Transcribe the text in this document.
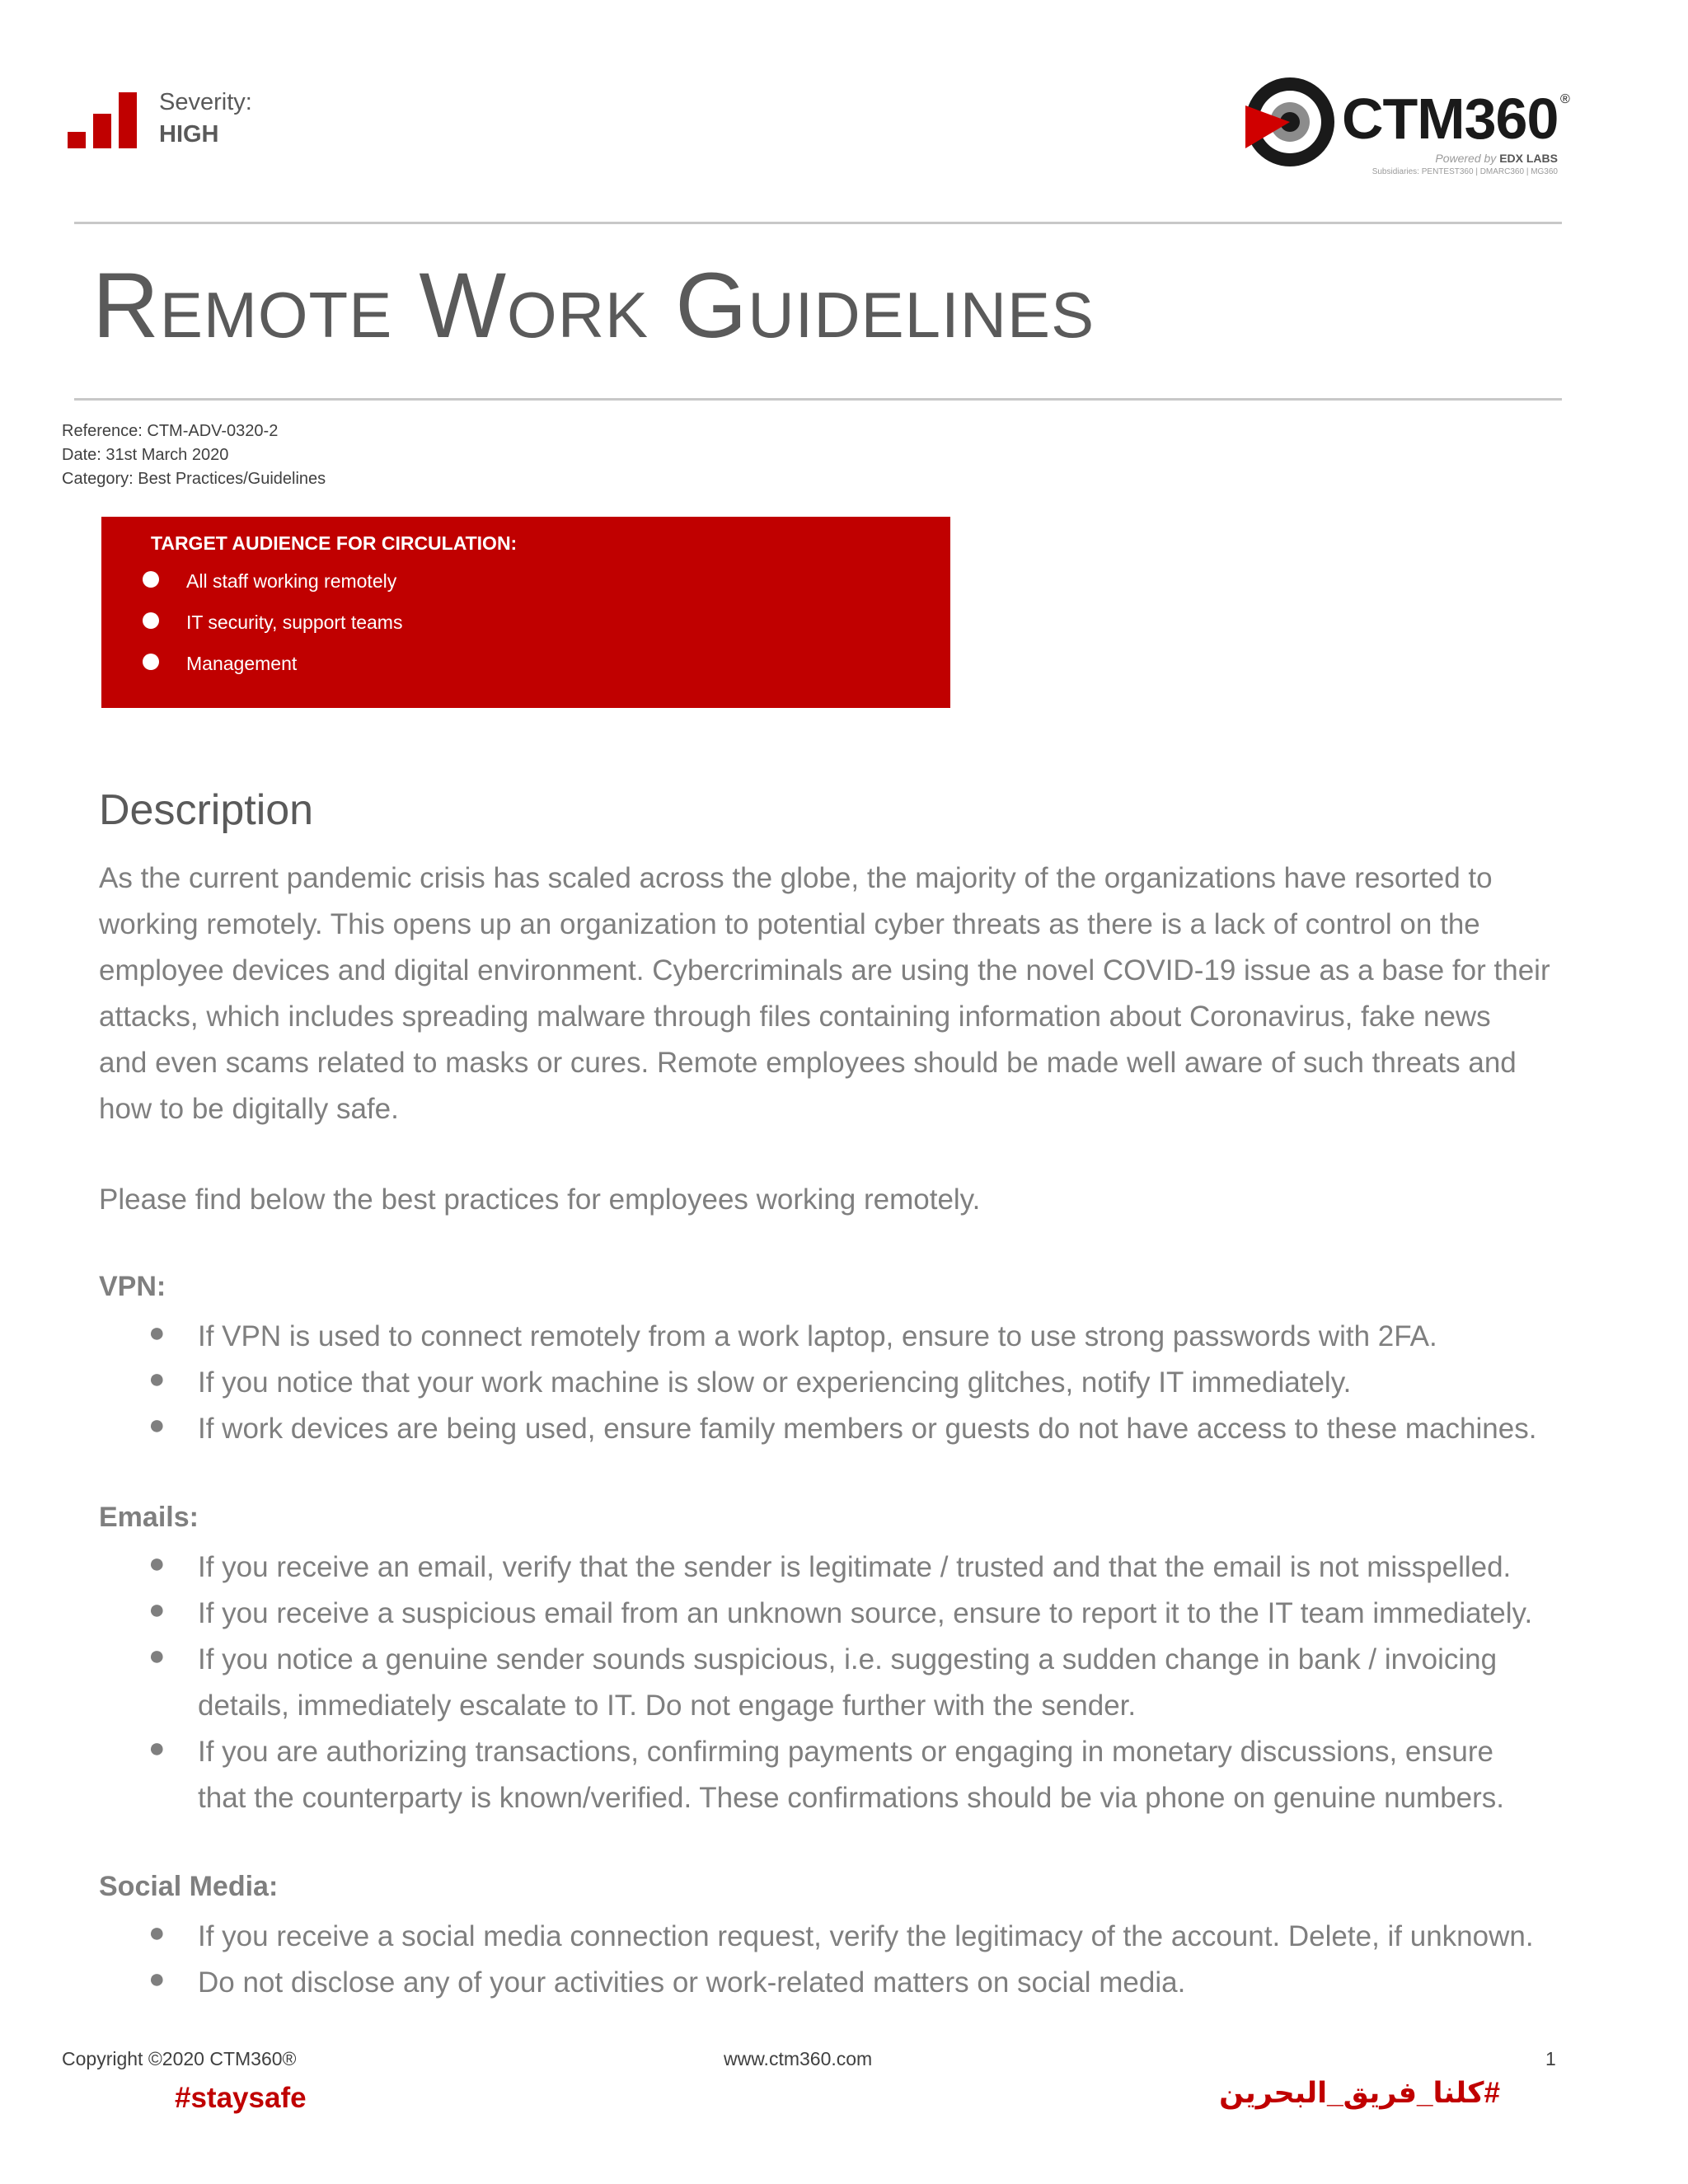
Severity:
HIGH	CTM360 ®
Powered by EDX LABS
Subsidiaries: PENTEST360 | DMARC360 | MG360
Remote Work Guidelines
Reference: CTM-ADV-0320-2
Date: 31st March 2020
Category: Best Practices/Guidelines
TARGET AUDIENCE FOR CIRCULATION:
All staff working remotely
IT security, support teams
Management
Description
As the current pandemic crisis has scaled across the globe, the majority of the organizations have resorted to
working remotely. This opens up an organization to potential cyber threats as there is a lack of control on the
employee devices and digital environment. Cybercriminals are using the novel COVID-19 issue as a base for their
attacks, which includes spreading malware through files containing information about Coronavirus, fake news
and even scams related to masks or cures. Remote employees should be made well aware of such threats and
how to be digitally safe.
Please find below the best practices for employees working remotely.
VPN:
● If VPN is used to connect remotely from a work laptop, ensure to use strong passwords with 2FA.
● If you notice that your work machine is slow or experiencing glitches, notify IT immediately.
● If work devices are being used, ensure family members or guests do not have access to these machines.
Emails:
● If you receive an email, verify that the sender is legitimate / trusted and that the email is not misspelled.
● If you receive a suspicious email from an unknown source, ensure to report it to the IT team immediately.
● If you notice a genuine sender sounds suspicious, i.e. suggesting a sudden change in bank / invoicing
details, immediately escalate to IT. Do not engage further with the sender.
● If you are authorizing transactions, confirming payments or engaging in monetary discussions, ensure
that the counterparty is known/verified. These confirmations should be via phone on genuine numbers.
Social Media:
● If you receive a social media connection request, verify the legitimacy of the account. Delete, if unknown.
● Do not disclose any of your activities or work-related matters on social media.
Copyright ©2020 CTM360®	www.ctm360.com	1
#staysafe	#كلنا_فريق_البحرين
